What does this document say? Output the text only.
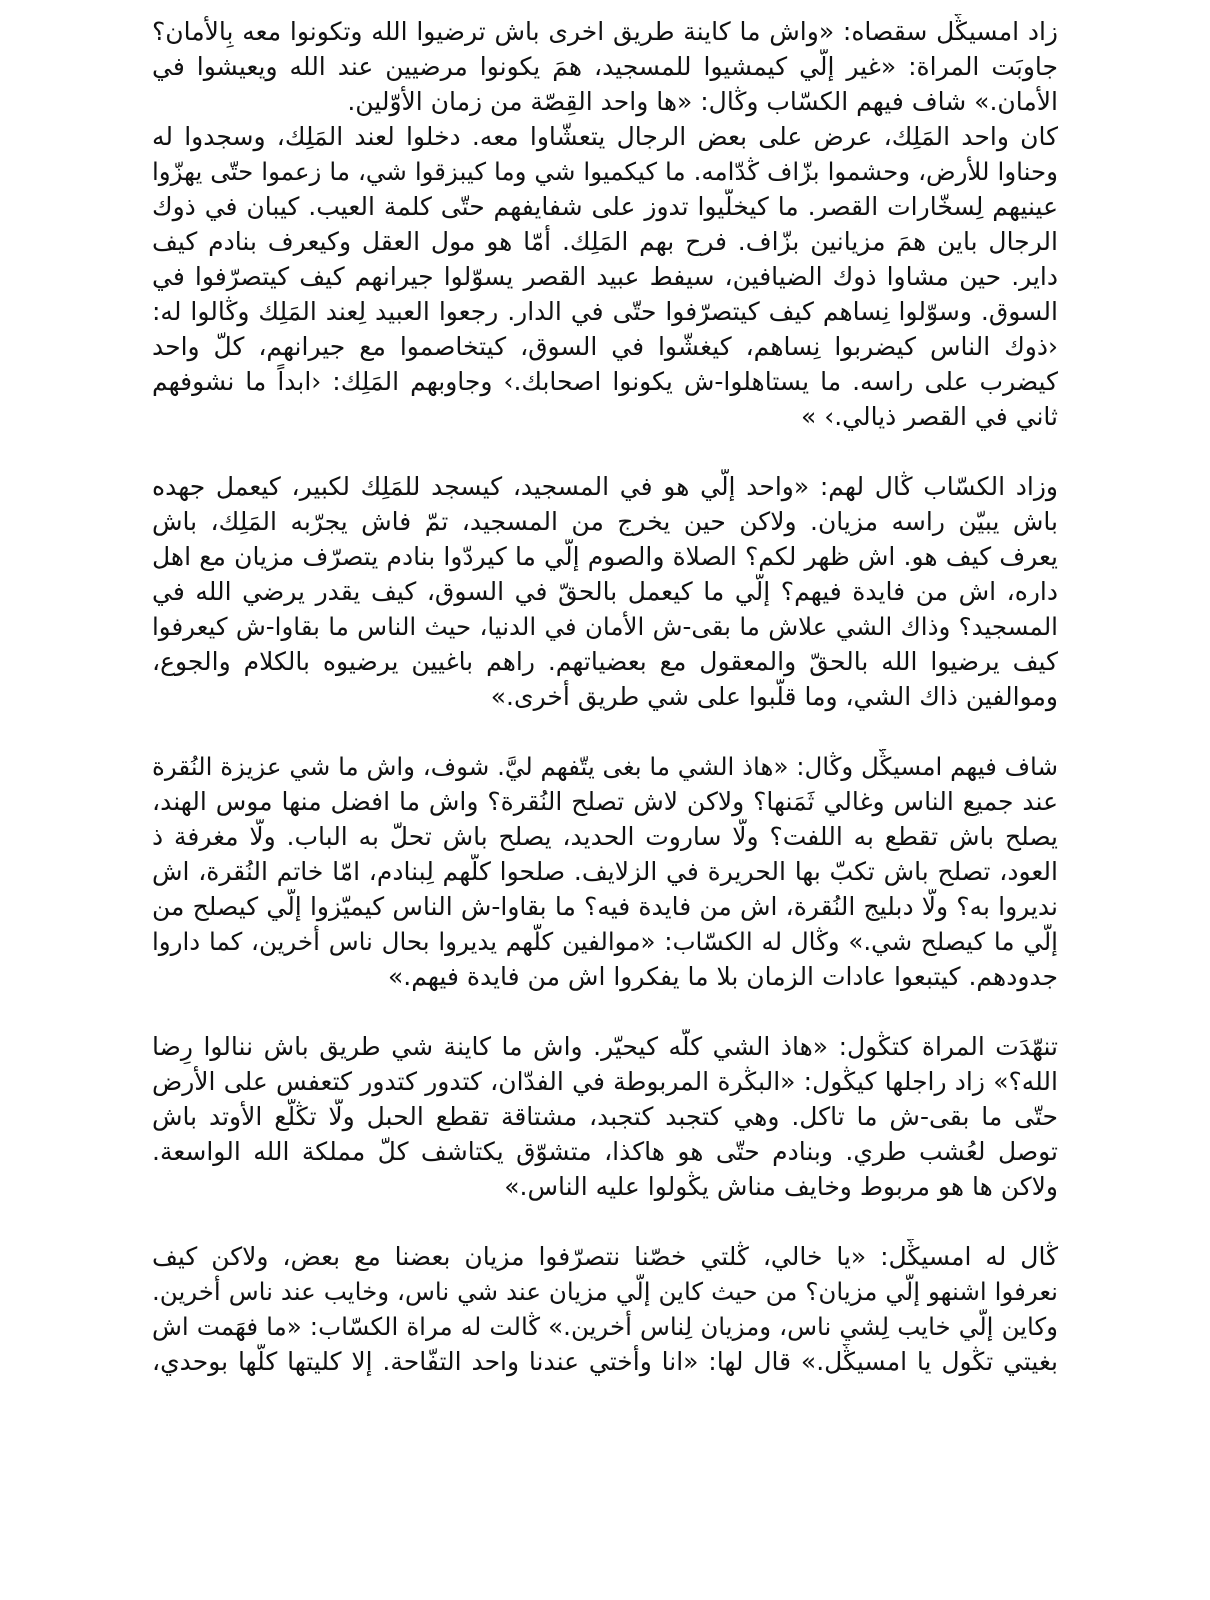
زاد امسيڭّل سقصاه: «واش ما كاينة طريق اخرى باش ترضيوا الله وتكونوا معه بِالأمان؟
جاوبَت المراة: «غير إلّي كيمشيوا للمسجيد، همَ يكونوا مرضيين عند الله ويعيشوا في
الأمان.» شاف فيهم الكسّاب وڭال: «ها واحد القِصّة من زمان الأوّلين.
كان واحد المَلِك، عرض على بعض الرجال يتعشّاوا معه. دخلوا لعند المَلِك، وسجدوا له
وحناوا للأرض، وحشموا بزّاف ڭدّامه. ما كيكميوا شي وما كيبزقوا شي، ما زعموا حتّى يهزّوا
عينيهم لِسخّارات القصر. ما كيخلّيوا تدوز على شفايفهم حتّى كلمة العيب. كيبان في ذوك
الرجال باين همَ مزيانين بزّاف. فرح بهم المَلِك. أمّا هو مول العقل وكيعرف بنادم كيف
داير. حين مشاوا ذوك الضيافين، سيفط عبيد القصر يسوّلوا جيرانهم كيف كيتصرّفوا في
السوق. وسوّلوا نِساهم كيف كيتصرّفوا حتّى في الدار. رجعوا العبيد لِعند المَلِك وڭالوا له:
‹ذوك الناس كيضربوا نِساهم، كيغشّوا في السوق، كيتخاصموا مع جيرانهم، كلّ واحد
كيضرب على راسه. ما يستاهلوا-ش يكونوا اصحابك.› وجاوبهم المَلِك: ‹ابداً ما نشوفهم
ثاني في القصر ذيالي.› »
وزاد الكسّاب ڭال لهم: «واحد إلّي هو في المسجيد، كيسجد للمَلِك لكبير، كيعمل جهده
باش يبيّن راسه مزيان. ولاكن حين يخرج من المسجيد، تمّ فاش يجرّبه المَلِك، باش
يعرف كيف هو. اش ظهر لكم؟ الصلاة والصوم إلّي ما كيردّوا بنادم يتصرّف مزيان مع اهل
داره، اش من فايدة فيهم؟ إلّي ما كيعمل بالحقّ في السوق، كيف يقدر يرضي الله في
المسجيد؟ وذاك الشي علاش ما بقى-ش الأمان في الدنيا، حيث الناس ما بقاوا-ش كيعرفوا
كيف يرضيوا الله بالحقّ والمعقول مع بعضياتهم. راهم باغيين يرضيوه بالكلام والجوع،
وموالفين ذاك الشي، وما قلّبوا على شي طريق أخرى.»
شاف فيهم امسيڭّل وڭال: «هاذ الشي ما بغى يتّفهم ليَّ. شوف، واش ما شي عزيزة النُقرة
عند جميع الناس وغالي ثَمَنها؟ ولاكن لاش تصلح النُقرة؟ واش ما افضل منها موس الهند،
يصلح باش تقطع به اللفت؟ ولّا ساروت الحديد، يصلح باش تحلّ به الباب. ولّا مغرفة ذ
العود، تصلح باش تكبّ بها الحريرة في الزلايف. صلحوا كلّهم لِبنادم، امّا خاتم النُقرة، اش
نديروا به؟ ولّا دبليج النُقرة، اش من فايدة فيه؟ ما بقاوا-ش الناس كيميّزوا إلّي كيصلح من
إلّي ما كيصلح شي.» وڭال له الكسّاب: «موالفين كلّهم يديروا بحال ناس أخرين، كما داروا
جدودهم. كيتبعوا عادات الزمان بلا ما يفكروا اش من فايدة فيهم.»
تنهّدَت المراة كتڭول: «هاذ الشي كلّه كيحيّر. واش ما كاينة شي طريق باش ننالوا رِضا
الله؟» زاد راجلها كيڭول: «البڭرة المربوطة في الفدّان، كتدور كتدور كتعفس على الأرض
حتّى ما بقى-ش ما تاكل. وهي كتجبد كتجبد، مشتاقة تقطع الحبل ولّا تڭلّع الأوتد باش
توصل لعُشب طري. وبنادم حتّى هو هاكذا، متشوّق يكتاشف كلّ مملكة الله الواسعة.
ولاكن ها هو مربوط وخايف مناش يڭولوا عليه الناس.»
ڭال له امسيڭّل: «يا خالي، ڭلتي خصّنا نتصرّفوا مزيان بعضنا مع بعض، ولاكن كيف
نعرفوا اشنهو إلّي مزيان؟ من حيث كاين إلّي مزيان عند شي ناس، وخايب عند ناس أخرين.
وكاين إلّي خايب لِشي ناس، ومزيان لِناس أخرين.» ڭالت له مراة الكسّاب: «ما فهَمت اش
بغيتي تڭول يا امسيڭّل.» قال لها: «انا وأُختي عندنا واحد التفّاحة. إلا كليتها كلّها بوحدي،
